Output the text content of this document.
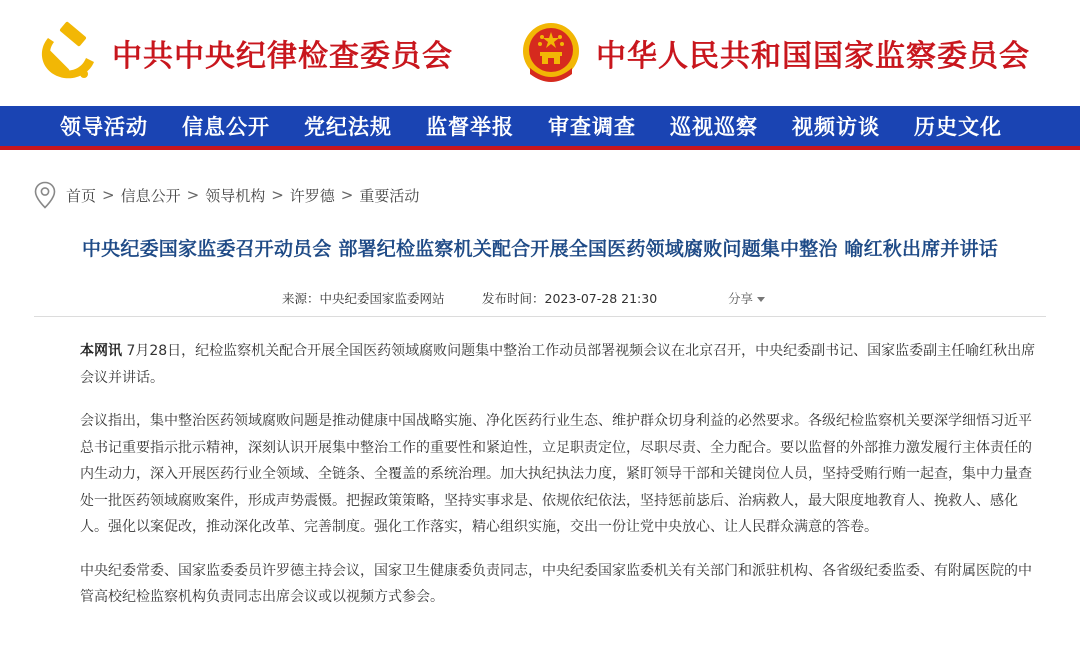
中共中央纪律检查委员会	中华人民共和国国家监察委员会
领导活动 信息公开 党纪法规 监督举报 审查调查 巡视巡察 视频访谈 历史文化
首页 > 信息公开 > 领导机构 > 许罗德 > 重要活动
中央纪委国家监委召开动员会 部署纪检监察机关配合开展全国医药领域腐败问题集中整治 喻红秋出席并讲话
来源：中央纪委国家监委网站	发布时间：2023-07-28 21:30	分享

本网讯 7月28日，纪检监察机关配合开展全国医药领域腐败问题集中整治工作动员部署视频会议在北京召开，中央纪委副书记、国家监委副主任喻红秋出席会议并讲话。

会议指出，集中整治医药领域腐败问题是推动健康中国战略实施、净化医药行业生态、维护群众切身利益的必然要求。各级纪检监察机关要深学细悟习近平总书记重要指示批示精神，深刻认识开展集中整治工作的重要性和紧迫性，立足职责定位，尽职尽责、全力配合。要以监督的外部推力激发履行主体责任的内生动力，深入开展医药行业全领域、全链条、全覆盖的系统治理。加大执纪执法力度，紧盯领导干部和关键岗位人员，坚持受贿行贿一起查，集中力量查处一批医药领域腐败案件，形成声势震慑。把握政策策略，坚持实事求是、依规依纪依法，坚持惩前毖后、治病救人，最大限度地教育人、挽救人、感化人。强化以案促改，推动深化改革、完善制度。强化工作落实，精心组织实施，交出一份让党中央放心、让人民群众满意的答卷。

中央纪委常委、国家监委委员许罗德主持会议，国家卫生健康委负责同志，中央纪委国家监委机关有关部门和派驻机构、各省级纪委监委、有附属医院的中管高校纪检监察机构负责同志出席会议或以视频方式参会。
